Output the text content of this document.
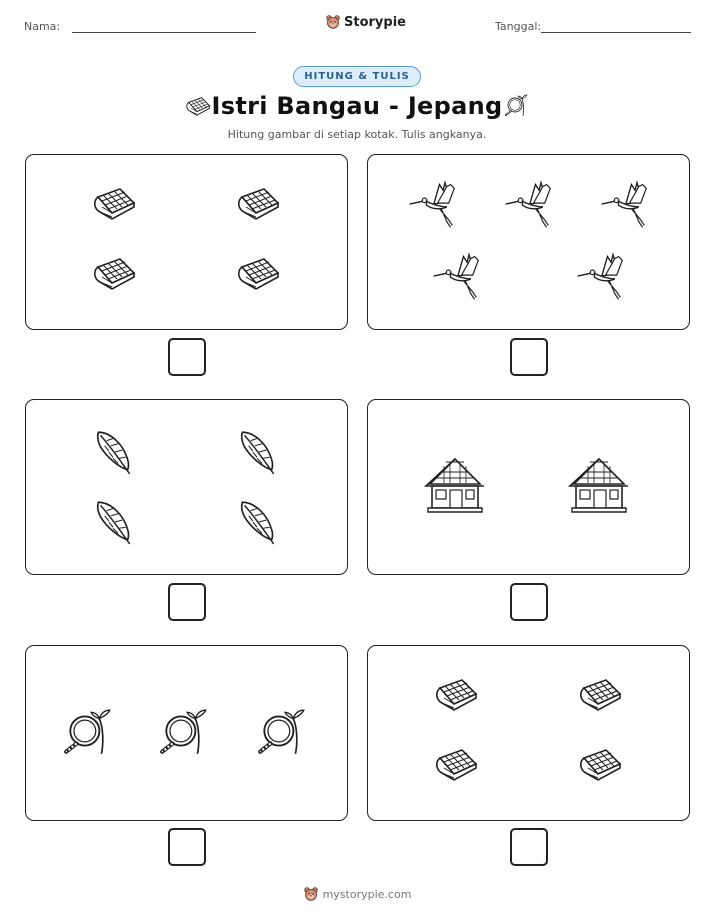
Nama:	Storypie	Tanggal:
HITUNG & TULIS
Istri Bangau - Jepang
Hitung gambar di setiap kotak. Tulis angkanya.
mystorypie.com
